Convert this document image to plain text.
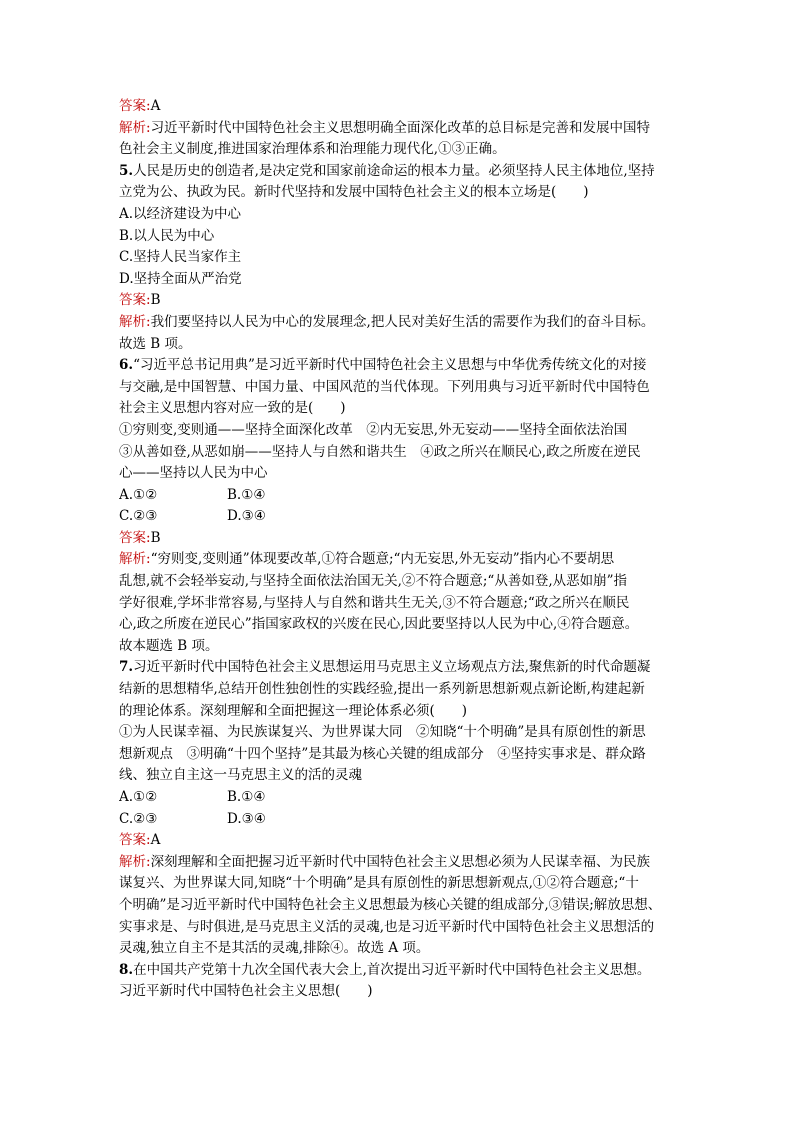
答案:A
解析:习近平新时代中国特色社会主义思想明确全面深化改革的总目标是完善和发展中国特
色社会主义制度,推进国家治理体系和治理能力现代化,①③正确。
5.人民是历史的创造者,是决定党和国家前途命运的根本力量。必须坚持人民主体地位,坚持
立党为公、执政为民。新时代坚持和发展中国特色社会主义的根本立场是(　　)
A.以经济建设为中心
B.以人民为中心
C.坚持人民当家作主
D.坚持全面从严治党
答案:B
解析:我们要坚持以人民为中心的发展理念,把人民对美好生活的需要作为我们的奋斗目标。
故选 B 项。
6.“习近平总书记用典”是习近平新时代中国特色社会主义思想与中华优秀传统文化的对接
与交融,是中国智慧、中国力量、中国风范的当代体现。下列用典与习近平新时代中国特色
社会主义思想内容对应一致的是(　　)
①穷则变,变则通——坚持全面深化改革　②内无妄思,外无妄动——坚持全面依法治国
③从善如登,从恶如崩——坚持人与自然和谐共生　④政之所兴在顺民心,政之所废在逆民
心——坚持以人民为中心
A.①②	B.①④
C.②③	D.③④
答案:B
解析:“穷则变,变则通”体现要改革,①符合题意;“内无妄思,外无妄动”指内心不要胡思
乱想,就不会轻举妄动,与坚持全面依法治国无关,②不符合题意;“从善如登,从恶如崩”指
学好很难,学坏非常容易,与坚持人与自然和谐共生无关,③不符合题意;“政之所兴在顺民
心,政之所废在逆民心”指国家政权的兴废在民心,因此要坚持以人民为中心,④符合题意。
故本题选 B 项。
7.习近平新时代中国特色社会主义思想运用马克思主义立场观点方法,聚焦新的时代命题凝
结新的思想精华,总结开创性独创性的实践经验,提出一系列新思想新观点新论断,构建起新
的理论体系。深刻理解和全面把握这一理论体系必须(　　)
①为人民谋幸福、为民族谋复兴、为世界谋大同　②知晓“十个明确”是具有原创性的新思
想新观点　③明确“十四个坚持”是其最为核心关键的组成部分　④坚持实事求是、群众路
线、独立自主这一马克思主义的活的灵魂
A.①②	B.①④
C.②③	D.③④
答案:A
解析:深刻理解和全面把握习近平新时代中国特色社会主义思想必须为人民谋幸福、为民族
谋复兴、为世界谋大同,知晓“十个明确”是具有原创性的新思想新观点,①②符合题意;“十
个明确”是习近平新时代中国特色社会主义思想最为核心关键的组成部分,③错误;解放思想、
实事求是、与时俱进,是马克思主义活的灵魂,也是习近平新时代中国特色社会主义思想活的
灵魂,独立自主不是其活的灵魂,排除④。故选 A 项。
8.在中国共产党第十九次全国代表大会上,首次提出习近平新时代中国特色社会主义思想。
习近平新时代中国特色社会主义思想(　　)
